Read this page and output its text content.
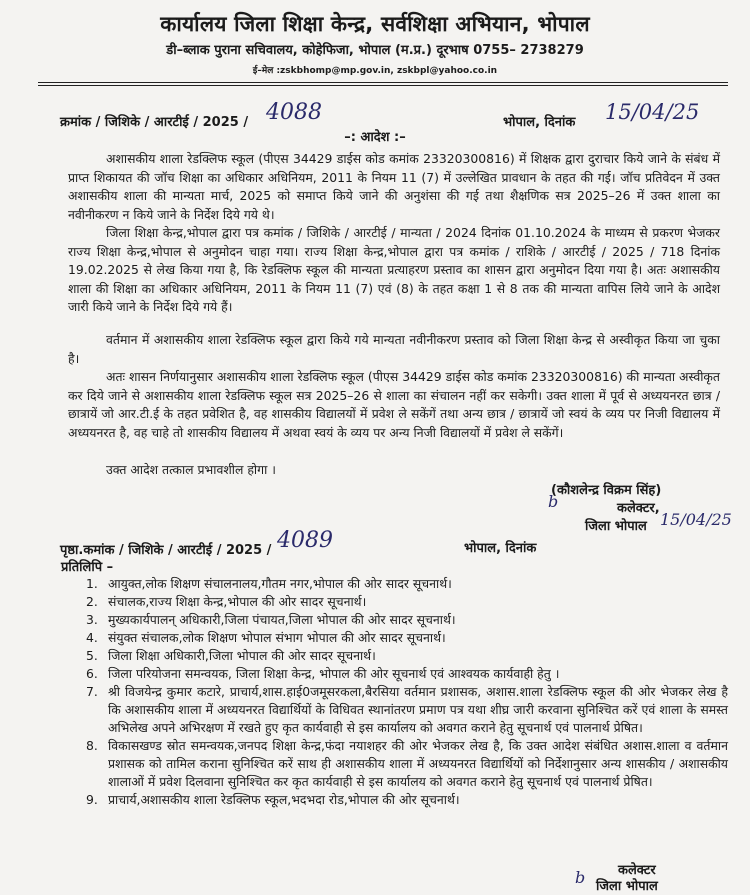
कार्यालय जिला शिक्षा केन्द्र, सर्वशिक्षा अभियान, भोपाल
डी–ब्लाक पुराना सचिवालय, कोहेफिजा, भोपाल (म.प्र.) दूरभाष 0755– 2738279
ई–मेल :zskbhomp@mp.gov.in, zskbpl@yahoo.co.in
क्रमांक / जिशिके / आरटीई / 2025 / 4088	भोपाल, दिनांक 15/04/25
–: आदेश :–
अशासकीय शाला रेडक्लिफ स्कूल (पीएस 34429 डाईस कोड कमांक 23320300816) में शिक्षक द्वारा दुराचार किये जाने के संबंध में प्राप्त शिकायत की जॉच शिक्षा का अधिकार अधिनियम, 2011 के नियम 11 (7) में उल्लेखित प्रावधान के तहत की गई। जॉच प्रतिवेदन में उक्त अशासकीय शाला की मान्यता मार्च, 2025 को समाप्त किये जाने की अनुशंसा की गई तथा शैक्षणिक सत्र 2025–26 में उक्त शाला का नवीनीकरण न किये जाने के निर्देश दिये गये थे।
जिला शिक्षा केन्द्र,भोपाल द्वारा पत्र कमांक / जिशिके / आरटीई / मान्यता / 2024 दिनांक 01.10.2024 के माध्यम से प्रकरण भेजकर राज्य शिक्षा केन्द्र,भोपाल से अनुमोदन चाहा गया। राज्य शिक्षा केन्द्र,भोपाल द्वारा पत्र कमांक / राशिके / आरटीई / 2025 / 718 दिनांक 19.02.2025 से लेख किया गया है, कि रेडक्लिफ स्कूल की मान्यता प्रत्याहरण प्रस्ताव का शासन द्वारा अनुमोदन दिया गया है। अतः अशासकीय शाला की शिक्षा का अधिकार अधिनियम, 2011 के नियम 11 (7) एवं (8) के तहत कक्षा 1 से 8 तक की मान्यता वापिस लिये जाने के आदेश जारी किये जाने के निर्देश दिये गये हैं।
वर्तमान में अशासकीय शाला रेडक्लिफ स्कूल द्वारा किये गये मान्यता नवीनीकरण प्रस्ताव को जिला शिक्षा केन्द्र से अस्वीकृत किया जा चुका है।
अतः शासन निर्णयानुसार अशासकीय शाला रेडक्लिफ स्कूल (पीएस 34429 डाईस कोड कमांक 23320300816) की मान्यता अस्वीकृत कर दिये जाने से अशासकीय शाला रेडक्लिफ स्कूल सत्र 2025–26 से शाला का संचालन नहीं कर सकेगी। उक्त शाला में पूर्व से अध्ययनरत छात्र / छात्रायें जो आर.टी.ई के तहत प्रवेशित है, वह शासकीय विद्यालयों में प्रवेश ले सकेंगें तथा अन्य छात्र / छात्रायें जो स्वयं के व्यय पर निजी विद्यालय में अध्ययनरत है, वह चाहे तो शासकीय विद्यालय में अथवा स्वयं के व्यय पर अन्य निजी विद्यालयों में प्रवेश ले सकेंगें।
उक्त आदेश तत्काल प्रभावशील होगा ।
(कौशलेन्द्र विक्रम सिंह)
b	कलेक्टर,
जिला भोपाल 15/04/25
पृष्ठा.कमांक / जिशिके / आरटीई / 2025 / 4089	भोपाल, दिनांक
प्रतिलिपि –
1. आयुक्त,लोक शिक्षण संचालनालय,गौतम नगर,भोपाल की ओर सादर सूचनार्थ।
2. संचालक,राज्य शिक्षा केन्द्र,भोपाल की ओर सादर सूचनार्थ।
3. मुख्यकार्यपालन् अधिकारी,जिला पंचायत,जिला भोपाल की ओर सादर सूचनार्थ।
4. संयुक्त संचालक,लोक शिक्षण भोपाल संभाग भोपाल की ओर सादर सूचनार्थ।
5. जिला शिक्षा अधिकारी,जिला भोपाल की ओर सादर सूचनार्थ।
6. जिला परियोजना समन्वयक, जिला शिक्षा केन्द्र, भोपाल की ओर सूचनार्थ एवं आश्वयक कार्यवाही हेतु ।
7. श्री विजयेन्द्र कुमार कटारे, प्राचार्य,शास.हाई0जमूसरकला,बैरसिया वर्तमान प्रशासक, अशास.शाला रेडक्लिफ स्कूल की ओर भेजकर लेख है कि अशासकीय शाला में अध्ययनरत विद्यार्थियों के विधिवत स्थानांतरण प्रमाण पत्र यथा शीघ्र जारी करवाना सुनिश्चित करें एवं शाला के समस्त अभिलेख अपने अभिरक्षण में रखते हुए कृत कार्यवाही से इस कार्यालय को अवगत कराने हेतु सूचनार्थ एवं पालनार्थ प्रेषित।
8. विकासखण्ड स्रोत समन्वयक,जनपद शिक्षा केन्द्र,फंदा नयाशहर की ओर भेजकर लेख है, कि उक्त आदेश संबंधित अशास.शाला व वर्तमान प्रशासक को तामिल कराना सुनिश्चित करें साथ ही अशासकीय शाला में अध्ययनरत विद्यार्थियों को निर्देशानुसार अन्य शासकीय / अशासकीय शालाओं में प्रवेश दिलवाना सुनिश्चित कर कृत कार्यवाही से इस कार्यालय को अवगत कराने हेतु सूचनार्थ एवं पालनार्थ प्रेषित।
9. प्राचार्य,अशासकीय शाला रेडक्लिफ स्कूल,भदभदा रोड,भोपाल की ओर सूचनार्थ।
कलेक्टर
b जिला भोपाल
